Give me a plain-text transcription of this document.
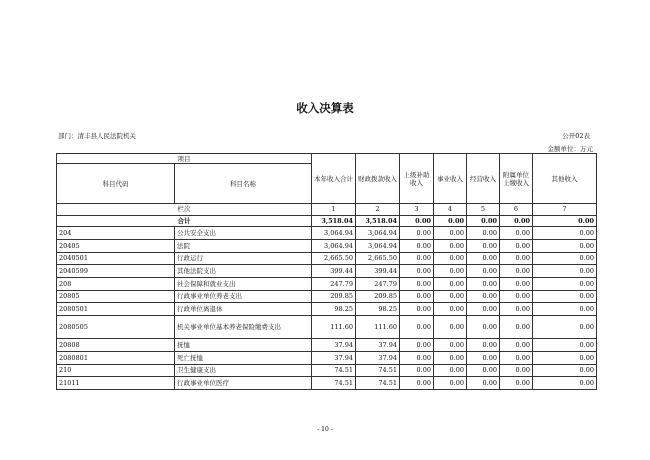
收入决算表
部门：清丰县人民法院机关	公开02表
金额单位：万元
项目		本年收入合计	财政拨款收入	上级补助收入	事业收入	经营收入	附属单位上缴收入	其他收入
科目代码	科目名称							
栏次		1	2	3	4	5	6	7
合计		3,518.04	3,518.04	0.00	0.00	0.00	0.00	0.00
204	公共安全支出	3,064.94	3,064.94	0.00	0.00	0.00	0.00	0.00
20405	法院	3,064.94	3,064.94	0.00	0.00	0.00	0.00	0.00
2040501	行政运行	2,665.50	2,665.50	0.00	0.00	0.00	0.00	0.00
2040599	其他法院支出	399.44	399.44	0.00	0.00	0.00	0.00	0.00
208	社会保障和就业支出	247.79	247.79	0.00	0.00	0.00	0.00	0.00
20805	行政事业单位养老支出	209.85	209.85	0.00	0.00	0.00	0.00	0.00
2080501	行政单位离退休	98.25	98.25	0.00	0.00	0.00	0.00	0.00
2080505	机关事业单位基本养老保险缴费支出	111.60	111.60	0.00	0.00	0.00	0.00	0.00
20808	抚恤	37.94	37.94	0.00	0.00	0.00	0.00	0.00
2080801	死亡抚恤	37.94	37.94	0.00	0.00	0.00	0.00	0.00
210	卫生健康支出	74.51	74.51	0.00	0.00	0.00	0.00	0.00
21011	行政事业单位医疗	74.51	74.51	0.00	0.00	0.00	0.00	0.00
- 10 -
